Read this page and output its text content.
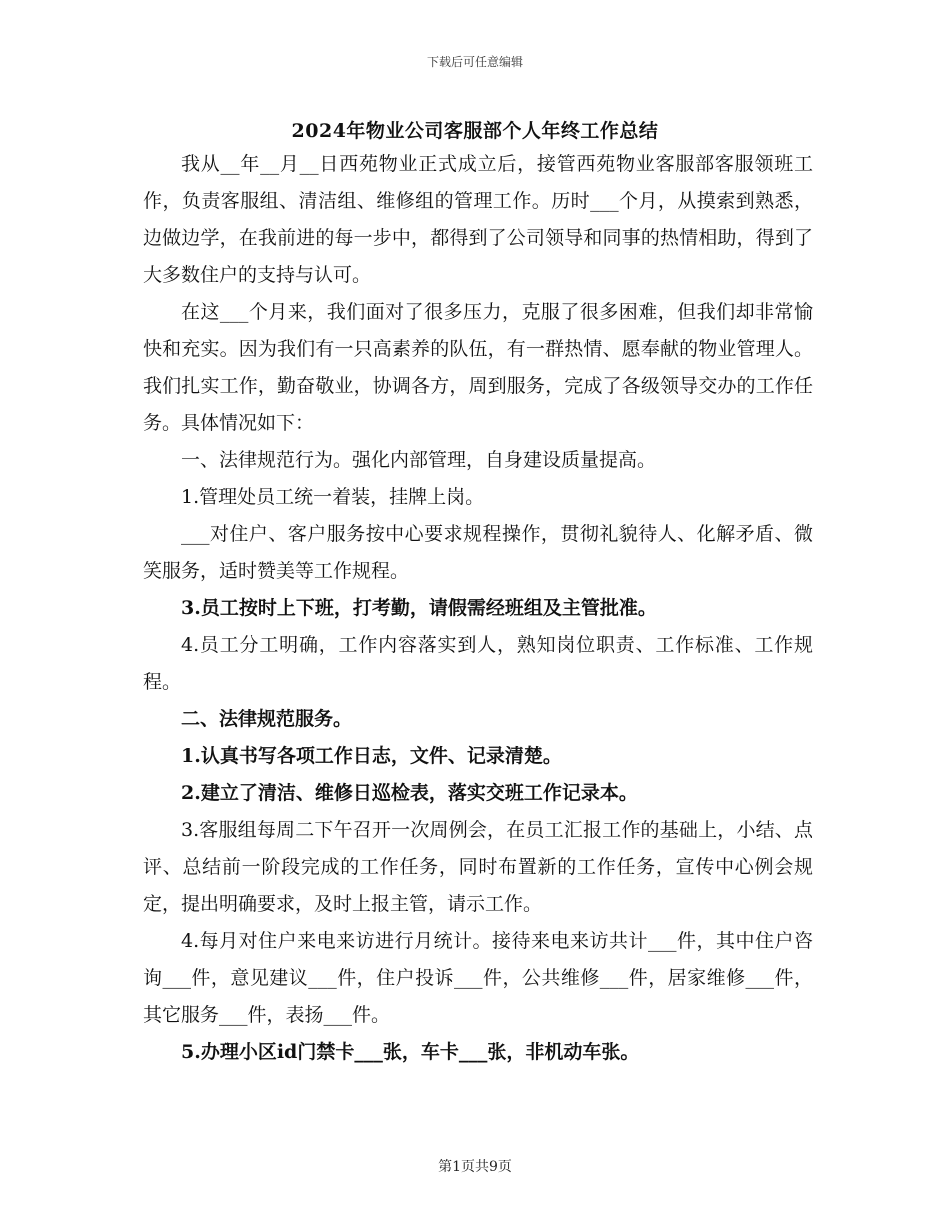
下载后可任意编辑
2024年物业公司客服部个人年终工作总结

我从__年__月__日西苑物业正式成立后，接管西苑物业客服部客服领班工作，负责客服组、清洁组、维修组的管理工作。历时___个月，从摸索到熟悉，边做边学，在我前进的每一步中，都得到了公司领导和同事的热情相助，得到了大多数住户的支持与认可。

在这___个月来，我们面对了很多压力，克服了很多困难，但我们却非常愉快和充实。因为我们有一只高素养的队伍，有一群热情、愿奉献的物业管理人。我们扎实工作，勤奋敬业，协调各方，周到服务，完成了各级领导交办的工作任务。具体情况如下：

一、法律规范行为。强化内部管理，自身建设质量提高。

1.管理处员工统一着装，挂牌上岗。

___对住户、客户服务按中心要求规程操作，贯彻礼貌待人、化解矛盾、微笑服务，适时赞美等工作规程。

3.员工按时上下班，打考勤，请假需经班组及主管批准。

4.员工分工明确，工作内容落实到人，熟知岗位职责、工作标准、工作规程。

二、法律规范服务。

1.认真书写各项工作日志，文件、记录清楚。

2.建立了清洁、维修日巡检表，落实交班工作记录本。

3.客服组每周二下午召开一次周例会，在员工汇报工作的基础上，小结、点评、总结前一阶段完成的工作任务，同时布置新的工作任务，宣传中心例会规定，提出明确要求，及时上报主管，请示工作。

4.每月对住户来电来访进行月统计。接待来电来访共计___件，其中住户咨询___件，意见建议___件，住户投诉___件，公共维修___件，居家维修___件，其它服务___件，表扬___件。

5.办理小区id门禁卡___张，车卡___张，非机动车张。

第1页共9页
